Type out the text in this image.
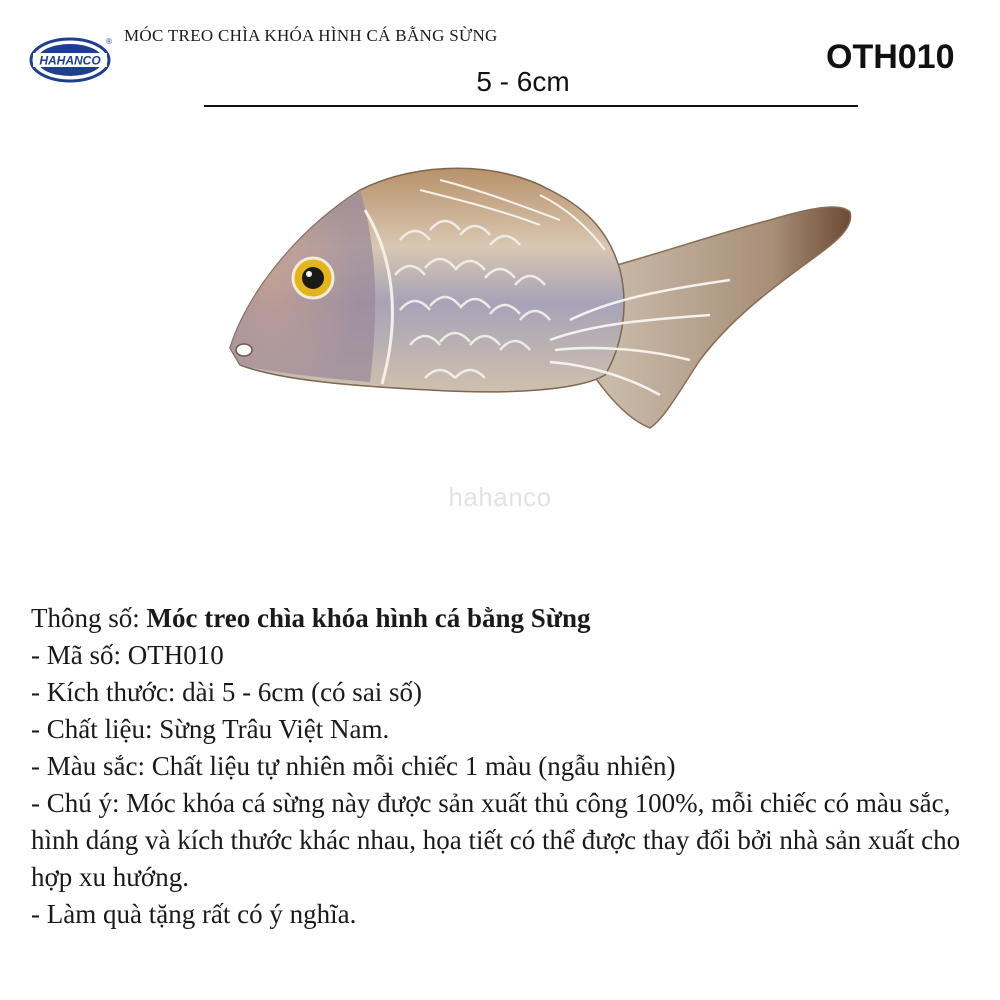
HAHANCO
® MÓC TREO CHÌA KHÓA HÌNH CÁ BẰNG SỪNG
5 - 6cm
OTH010
hahanco

Thông số: Móc treo chìa khóa hình cá bằng Sừng

- Mã số: OTH010

- Kích thước: dài 5 - 6cm (có sai số)

- Chất liệu: Sừng Trâu Việt Nam.

- Màu sắc: Chất liệu tự nhiên mỗi chiếc 1 màu (ngẫu nhiên)

- Chú ý: Móc khóa cá sừng này được sản xuất thủ công 100%, mỗi chiếc có màu sắc, hình dáng và kích thước khác nhau, họa tiết có thể được thay đổi bởi nhà sản xuất cho hợp xu hướng.

- Làm quà tặng rất có ý nghĩa.
